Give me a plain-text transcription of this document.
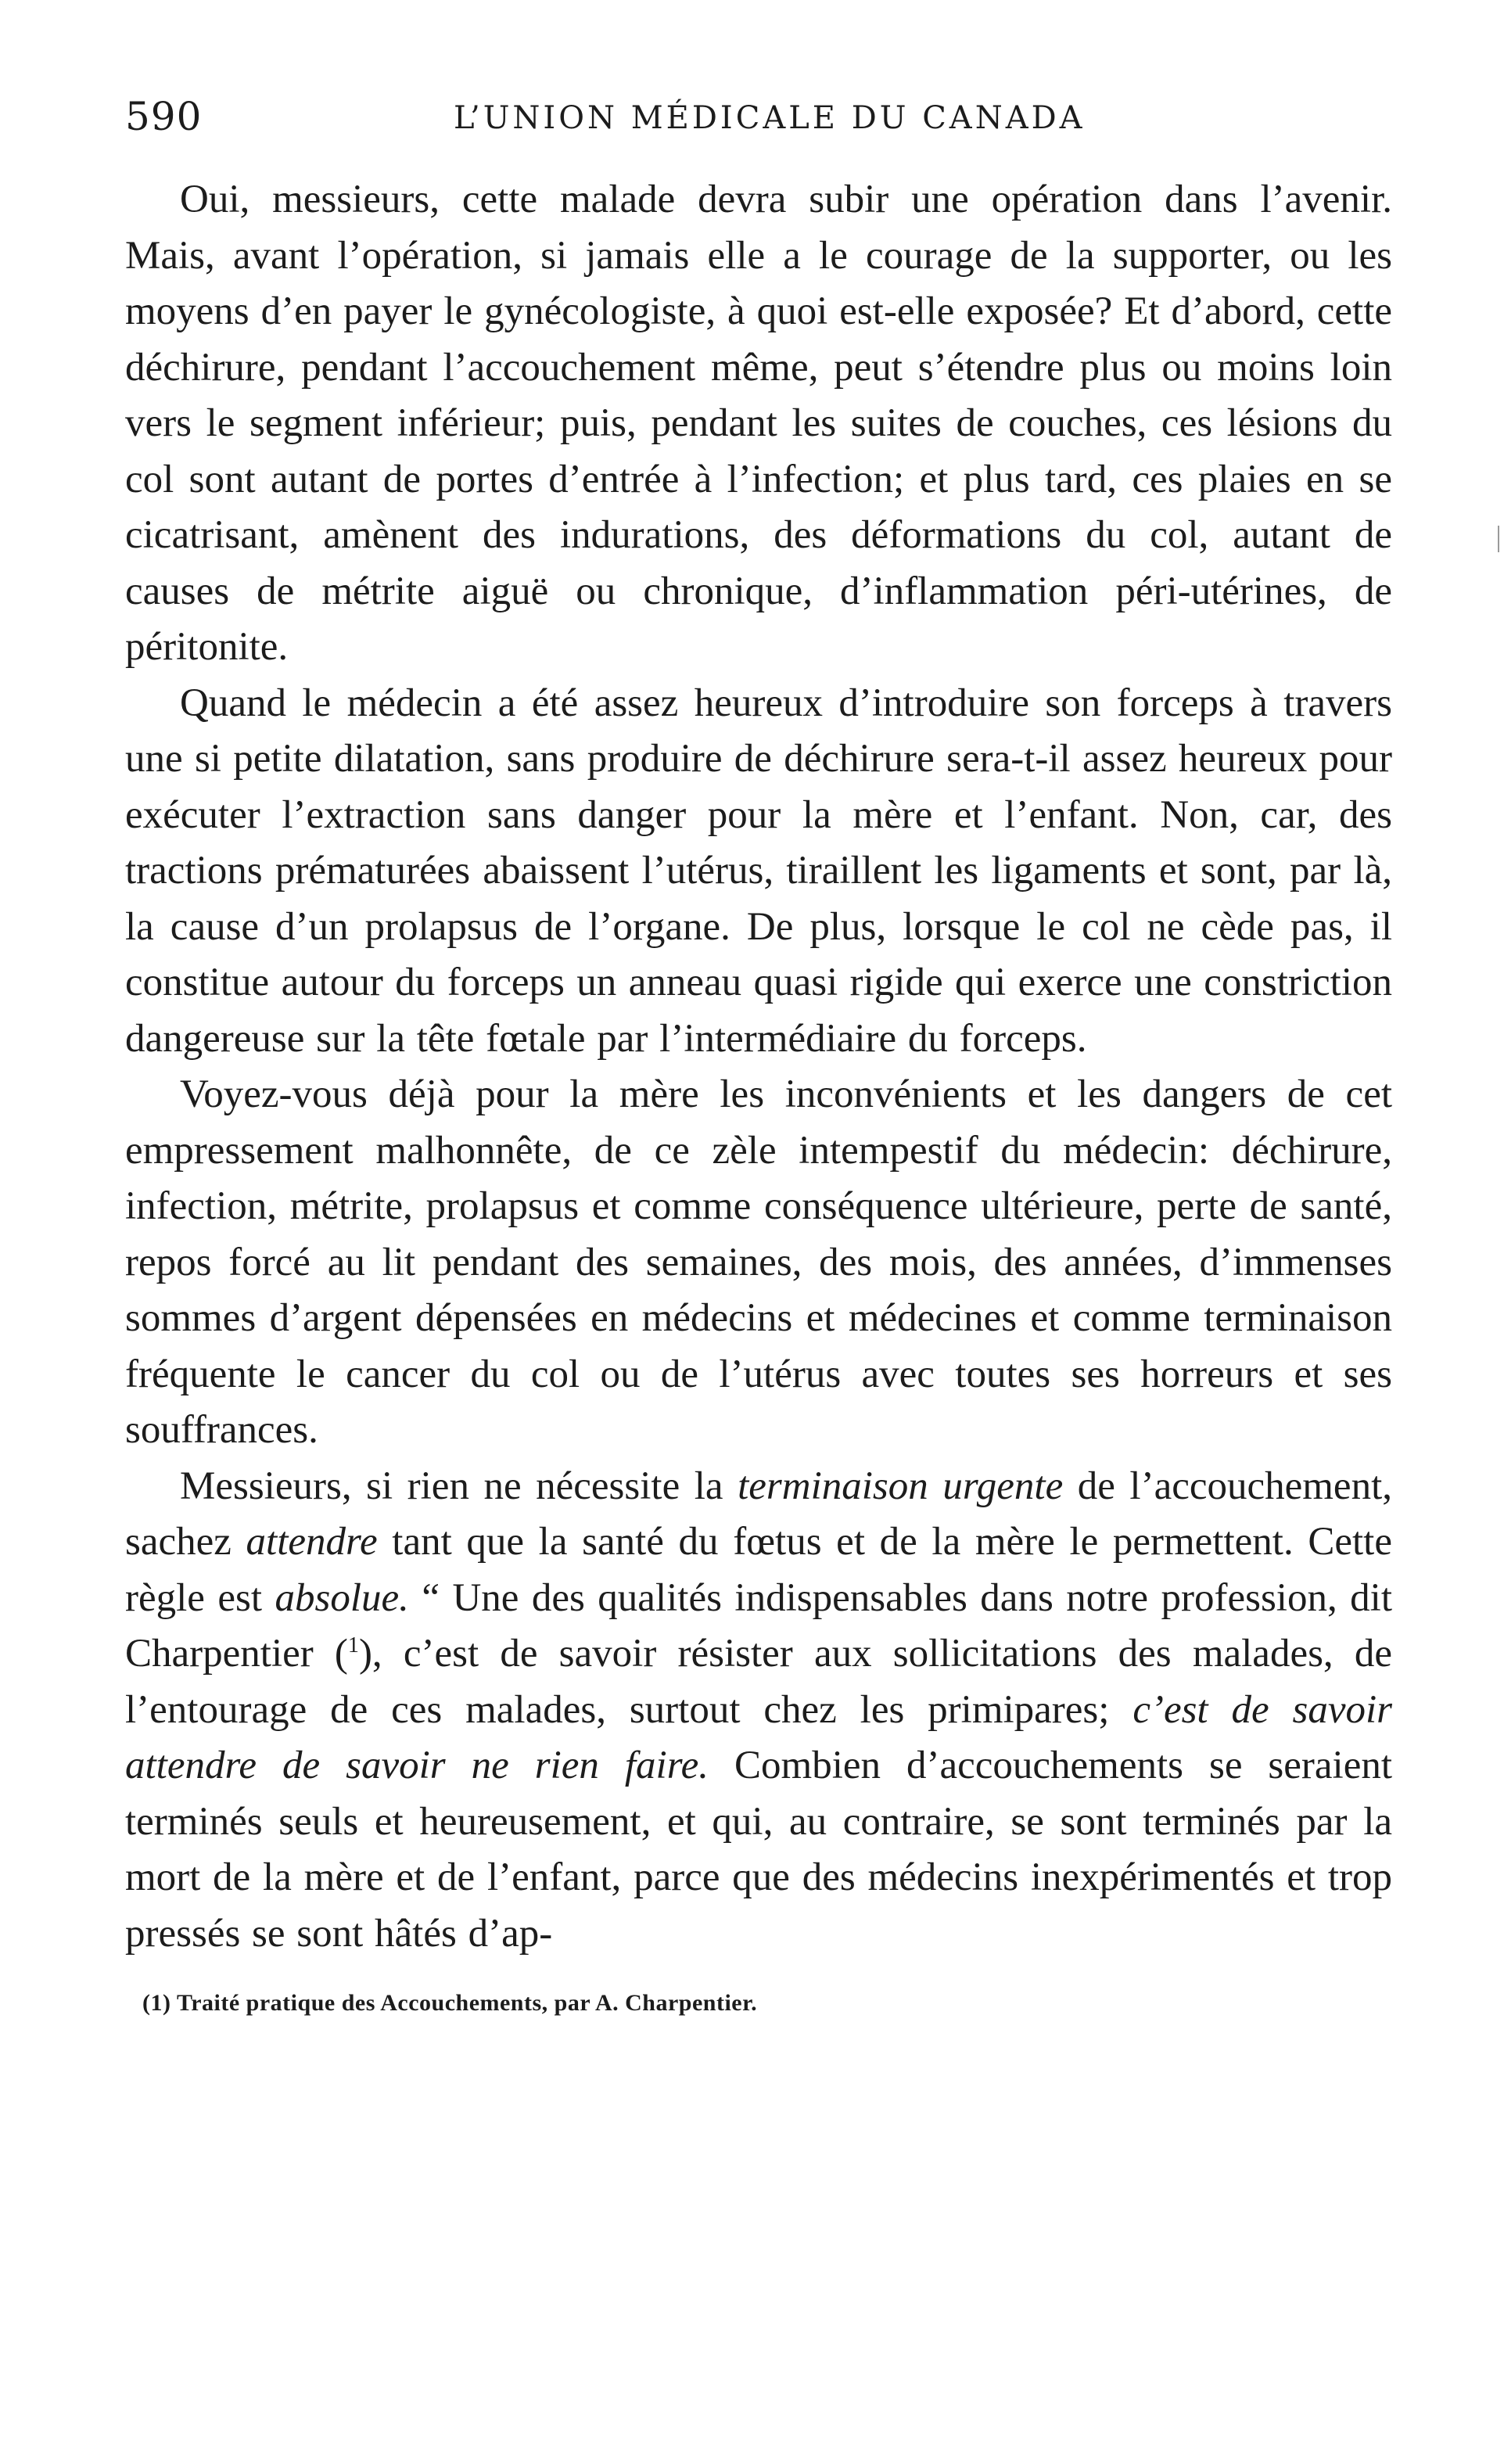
590	L’UNION MÉDICALE DU CANADA

Oui, messieurs, cette malade devra subir une opération dans l’avenir. Mais, avant l’opération, si jamais elle a le courage de la supporter, ou les moyens d’en payer le gynécologiste, à quoi est-elle exposée? Et d’abord, cette déchirure, pendant l’accouchement même, peut s’étendre plus ou moins loin vers le segment inférieur; puis, pendant les suites de couches, ces lésions du col sont autant de portes d’entrée à l’infection; et plus tard, ces plaies en se cicatrisant, amènent des indurations, des déformations du col, autant de causes de métrite aiguë ou chronique, d’inflammation péri-utérines, de péritonite.

Quand le médecin a été assez heureux d’introduire son forceps à travers une si petite dilatation, sans produire de déchirure sera-t-il assez heureux pour exécuter l’extraction sans danger pour la mère et l’enfant. Non, car, des tractions prématurées abaissent l’utérus, tiraillent les ligaments et sont, par là, la cause d’un prolapsus de l’organe. De plus, lorsque le col ne cède pas, il constitue autour du forceps un anneau quasi rigide qui exerce une constriction dangereuse sur la tête fœtale par l’intermédiaire du forceps.

Voyez-vous déjà pour la mère les inconvénients et les dangers de cet empressement malhonnête, de ce zèle intempestif du médecin: déchirure, infection, métrite, prolapsus et comme conséquence ultérieure, perte de santé, repos forcé au lit pendant des semaines, des mois, des années, d’immenses sommes d’argent dépensées en médecins et médecines et comme terminaison fréquente le cancer du col ou de l’utérus avec toutes ses horreurs et ses souffrances.

Messieurs, si rien ne nécessite la terminaison urgente de l’accouchement, sachez attendre tant que la santé du fœtus et de la mère le permettent. Cette règle est absolue. “ Une des qualités indispensables dans notre profession, dit Charpentier ($^1$), c’est de savoir résister aux sollicitations des malades, de l’entourage de ces malades, surtout chez les primipares; c’est de savoir attendre de savoir ne rien faire. Combien d’accouchements se seraient terminés seuls et heureusement, et qui, au contraire, se sont terminés par la mort de la mère et de l’enfant, parce que des médecins inexpérimentés et trop pressés se sont hâtés d’ap-

(1) Traité pratique des Accouchements, par A. Charpentier.
